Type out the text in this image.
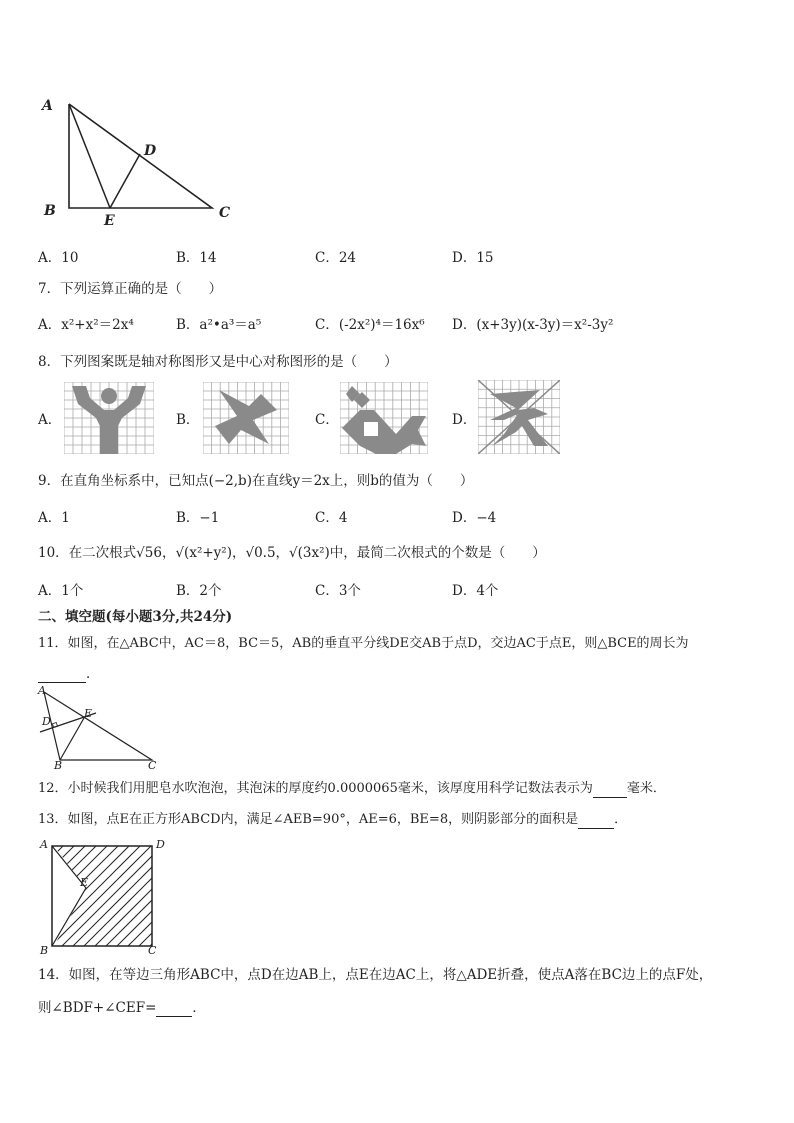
A
B	C
D
E
A．10	B．14	C．24	D．15
7．下列运算正确的是（　　）
A．x²+x²＝2x⁴	B．a²•a³＝a⁵	C．(-2x²)⁴＝16x⁶ D．(x+3y)(x-3y)＝x²-3y²
8．下列图案既是轴对称图形又是中心对称图形的是（　　）
A．	B．	C．	D．
9．在直角坐标系中，已知点(−2,b)在直线y＝2x上，则b的值为（　　）
A．1	B．−1	C．4	D．−4
10．在二次根式√56，√(x²+y²)，√0.5，√(3x²)中，最简二次根式的个数是（　　）
A．1个	B．2个	C．3个	D．4个
二、填空题(每小题3分,共24分)
11．如图，在△ABC中，AC＝8，BC＝5，AB的垂直平分线DE交AB于点D，交边AC于点E，则△BCE的周长为
．
A
D
E
B	C
12．小时候我们用肥皂水吹泡泡，其泡沫的厚度约0.0000065毫米，该厚度用科学记数法表示为	毫米．
13．如图，点E在正方形ABCD内，满足∠AEB=90°，AE=6，BE=8，则阴影部分的面积是	．
A	D
E
B	C
14．如图，在等边三角形ABC中，点D在边AB上，点E在边AC上，将△ADE折叠，使点A落在BC边上的点F处，
则∠BDF+∠CEF=	．
